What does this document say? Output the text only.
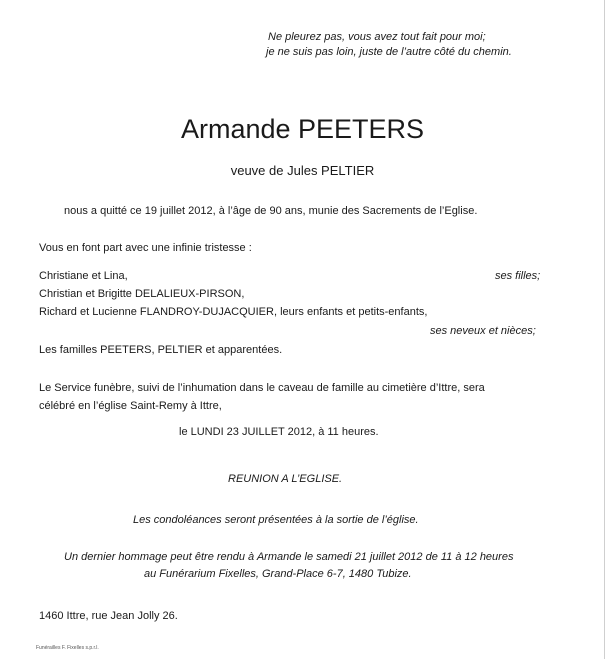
Ne pleurez pas, vous avez tout fait pour moi;
je ne suis pas loin, juste de l’autre côté du chemin.
Armande PEETERS
veuve de Jules PELTIER
nous a quitté ce 19 juillet 2012, à l’âge de 90 ans, munie des Sacrements de l’Eglise.
Vous en font part avec une infinie tristesse :
Christiane et Lina,	ses filles;
Christian et Brigitte DELALIEUX-PIRSON,
Richard et Lucienne FLANDROY-DUJACQUIER, leurs enfants et petits-enfants,
ses neveux et nièces;
Les familles PEETERS, PELTIER et apparentées.
Le Service funèbre, suivi de l’inhumation dans le caveau de famille au cimetière d’Ittre, sera
célébré en l’église Saint-Remy à Ittre,
le LUNDI 23 JUILLET 2012, à 11 heures.
REUNION A L’EGLISE.
Les condoléances seront présentées à la sortie de l’église.
Un dernier hommage peut être rendu à Armande le samedi 21 juillet 2012 de 11 à 12 heures
au Funérarium Fixelles, Grand-Place 6-7, 1480 Tubize.
1460 Ittre, rue Jean Jolly 26.
Funérailles F. Fixelles s.p.r.l.
